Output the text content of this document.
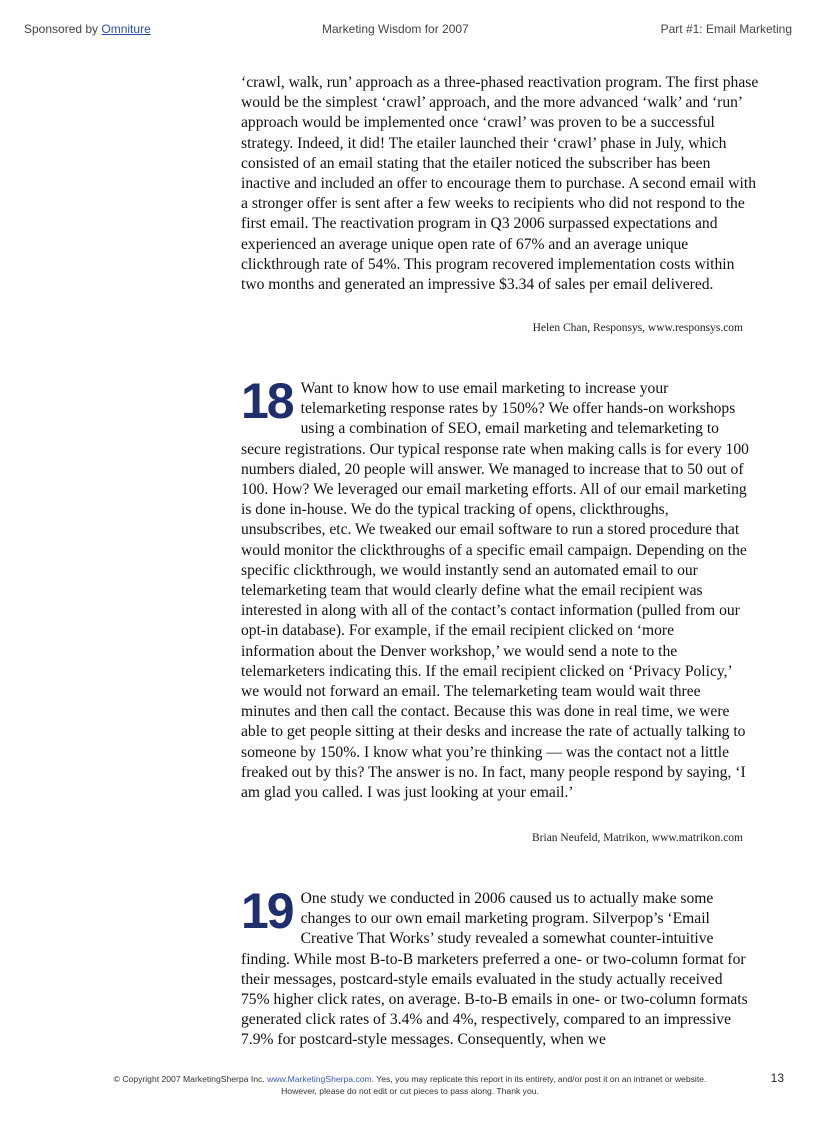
Sponsored by Omniture	Marketing Wisdom for 2007	Part #1: Email Marketing
‘crawl, walk, run’ approach as a three-phased reactivation program. The first phase would be the simplest ‘crawl’ approach, and the more advanced ‘walk’ and ‘run’ approach would be implemented once ‘crawl’ was proven to be a successful strategy. Indeed, it did! The etailer launched their ‘crawl’ phase in July, which consisted of an email stating that the etailer noticed the subscriber has been inactive and included an offer to encourage them to purchase. A second email with a stronger offer is sent after a few weeks to recipients who did not respond to the first email. The reactivation program in Q3 2006 surpassed expectations and experienced an average unique open rate of 67% and an average unique clickthrough rate of 54%. This program recovered implementation costs within two months and generated an impressive $3.34 of sales per email delivered.
Helen Chan, Responsys, www.responsys.com
18 Want to know how to use email marketing to increase your telemarketing response rates by 150%? We offer hands-on workshops using a combination of SEO, email marketing and telemarketing to secure registrations. Our typical response rate when making calls is for every 100 numbers dialed, 20 people will answer. We managed to increase that to 50 out of 100. How? We leveraged our email marketing efforts. All of our email marketing is done in-house. We do the typical tracking of opens, clickthroughs, unsubscribes, etc. We tweaked our email software to run a stored procedure that would monitor the clickthroughs of a specific email campaign. Depending on the specific clickthrough, we would instantly send an automated email to our telemarketing team that would clearly define what the email recipient was interested in along with all of the contact’s contact information (pulled from our opt-in database). For example, if the email recipient clicked on ‘more information about the Denver workshop,’ we would send a note to the telemarketers indicating this. If the email recipient clicked on ‘Privacy Policy,’ we would not forward an email. The telemarketing team would wait three minutes and then call the contact. Because this was done in real time, we were able to get people sitting at their desks and increase the rate of actually talking to someone by 150%. I know what you’re thinking — was the contact not a little freaked out by this? The answer is no. In fact, many people respond by saying, ‘I am glad you called. I was just looking at your email.’
Brian Neufeld, Matrikon, www.matrikon.com
19 One study we conducted in 2006 caused us to actually make some changes to our own email marketing program. Silverpop’s ‘Email Creative That Works’ study revealed a somewhat counter-intuitive finding. While most B-to-B marketers preferred a one- or two-column format for their messages, postcard-style emails evaluated in the study actually received 75% higher click rates, on average. B-to-B emails in one- or two-column formats generated click rates of 3.4% and 4%, respectively, compared to an impressive 7.9% for postcard-style messages. Consequently, when we
© Copyright 2007 MarketingSherpa Inc. www.MarketingSherpa.com. Yes, you may replicate this report in its entirety, and/or post it on an intranet or website.
However, please do not edit or cut pieces to pass along. Thank you.
13
